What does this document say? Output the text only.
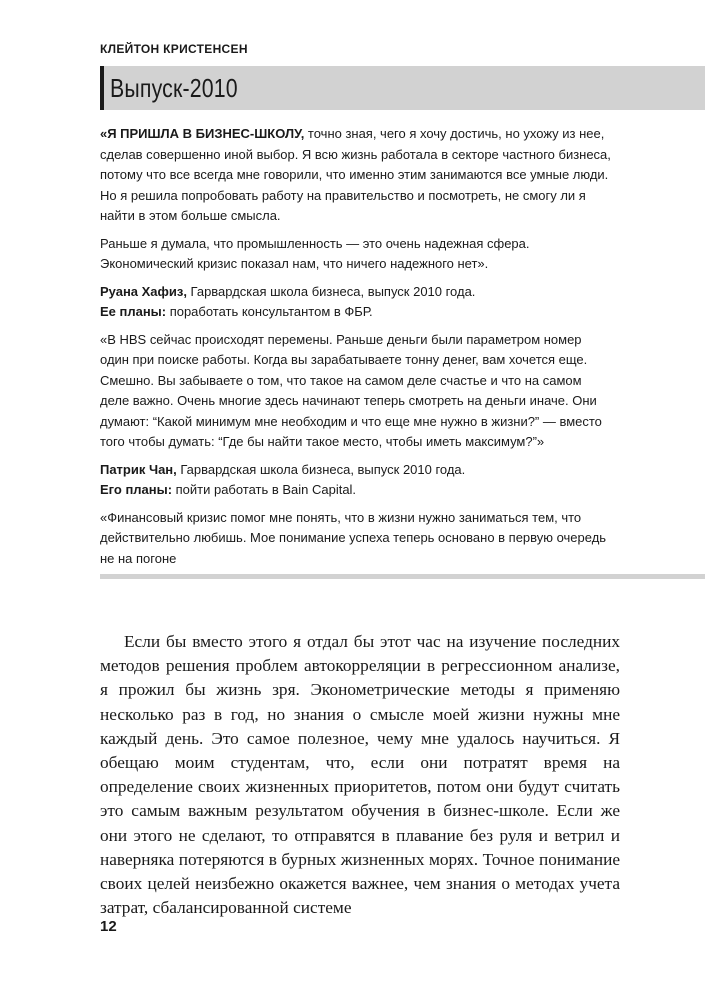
КЛЕЙТОН КРИСТЕНСЕН
Выпуск-2010

«Я ПРИШЛА В БИЗНЕС-ШКОЛУ, точно зная, чего я хочу достичь, но ухожу из нее, сделав совершенно иной выбор. Я всю жизнь работала в секторе частного бизнеса, потому что все всегда мне говорили, что именно этим занимаются все умные люди. Но я решила попробовать работу на правительство и посмотреть, не смогу ли я найти в этом больше смысла.

Раньше я думала, что промышленность — это очень надежная сфера. Экономический кризис показал нам, что ничего надежного нет».

Руана Хафиз, Гарвардская школа бизнеса, выпуск 2010 года.

Ее планы: поработать консультантом в ФБР.

«В HBS сейчас происходят перемены. Раньше деньги были параметром номер один при поиске работы. Когда вы зарабатываете тонну денег, вам хочется еще. Смешно. Вы забываете о том, что такое на самом деле счастье и что на самом деле важно. Очень многие здесь начинают теперь смотреть на деньги иначе. Они думают: “Какой минимум мне необходим и что еще мне нужно в жизни?” — вместо того чтобы думать: “Где бы найти такое место, чтобы иметь максимум?”»

Патрик Чан, Гарвардская школа бизнеса, выпуск 2010 года.

Его планы: пойти работать в Bain Capital.

«Финансовый кризис помог мне понять, что в жизни нужно заниматься тем, что действительно любишь. Мое понимание успеха теперь основано в первую очередь не на погоне

Если бы вместо этого я отдал бы этот час на изучение последних методов решения проблем автокорреляции в регрессионном анализе, я прожил бы жизнь зря. Эконометрические методы я применяю несколько раз в год, но знания о смысле моей жизни нужны мне каждый день. Это самое полезное, чему мне удалось научиться. Я обещаю моим студентам, что, если они потратят время на определение своих жизненных приоритетов, потом они будут считать это самым важным результатом обучения в бизнес-школе. Если же они этого не сделают, то отправятся в плавание без руля и ветрил и наверняка потеряются в бурных жизненных морях. Точное понимание своих целей неизбежно окажется важнее, чем знания о методах учета затрат, сбалансированной системе

12
